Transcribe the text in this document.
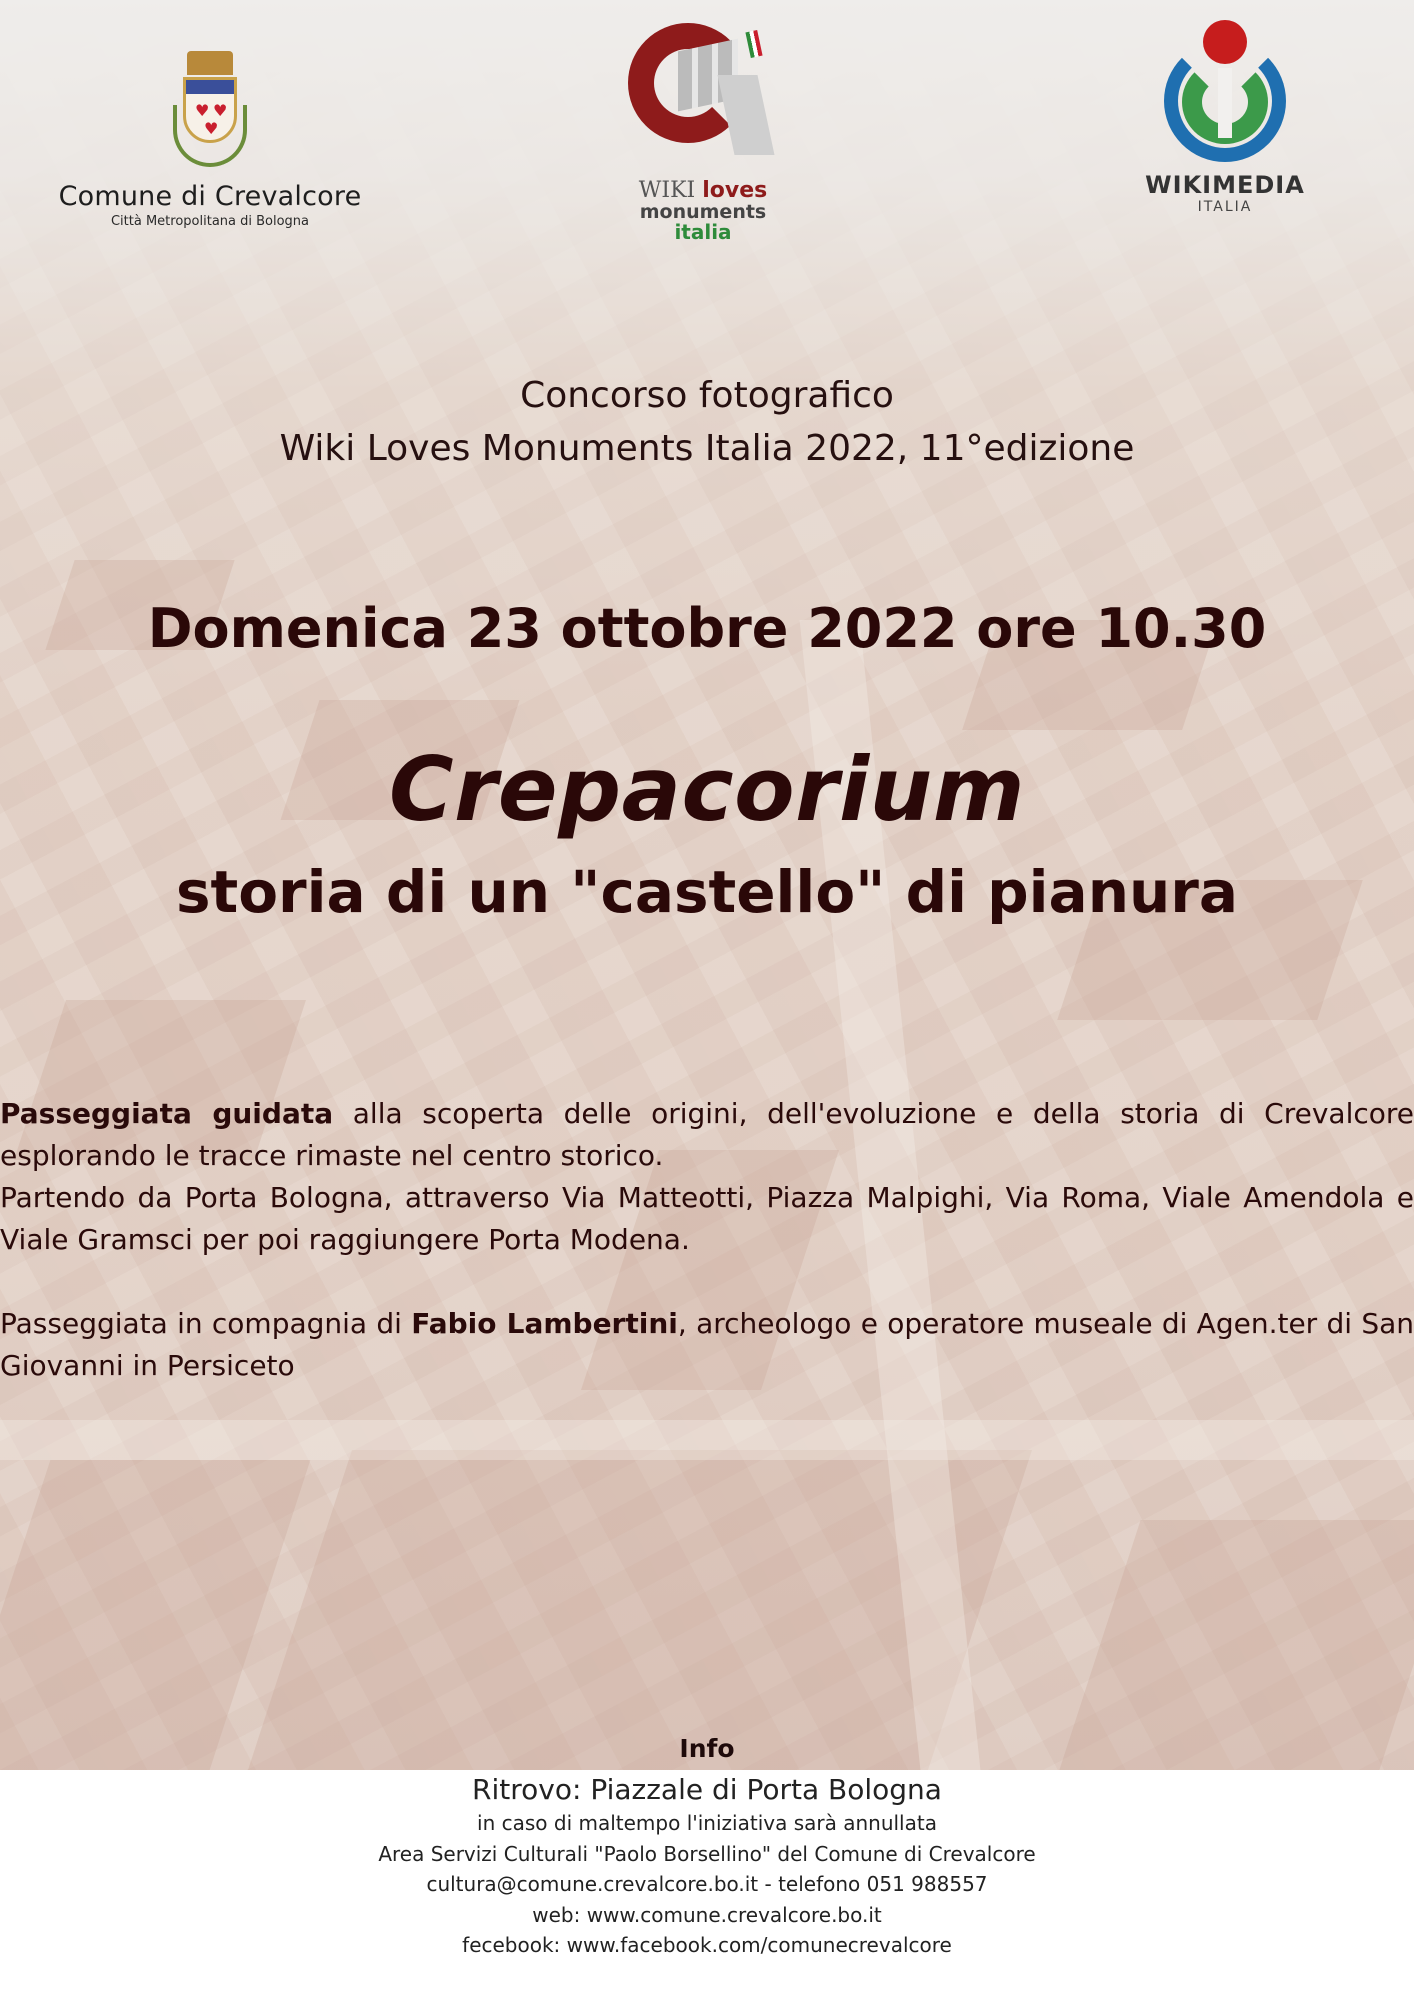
♥ ♥
♥
Comune di Crevalcore
Città Metropolitana di Bologna
WIKI loves
monuments
italia
WIKIMEDIA
ITALIA
Concorso fotografico
Wiki Loves Monuments Italia 2022, 11°edizione
Domenica 23 ottobre 2022 ore 10.30
Crepacorium
storia di un "castello" di pianura
Passeggiata guidata alla scoperta delle origini, dell'evoluzione e della storia di Crevalcore esplorando le tracce rimaste nel centro storico.
Partendo da Porta Bologna, attraverso Via Matteotti, Piazza Malpighi, Via Roma, Viale Amendola e Viale Gramsci per poi raggiungere Porta Modena.
Passeggiata in compagnia di Fabio Lambertini, archeologo e operatore museale di Agen.ter di San Giovanni in Persiceto
Info
Ritrovo: Piazzale di Porta Bologna
in caso di maltempo l'iniziativa sarà annullata
Area Servizi Culturali "Paolo Borsellino" del Comune di Crevalcore
cultura@comune.crevalcore.bo.it - telefono 051 988557
web: www.comune.crevalcore.bo.it
fecebook: www.facebook.com/comunecrevalcore
